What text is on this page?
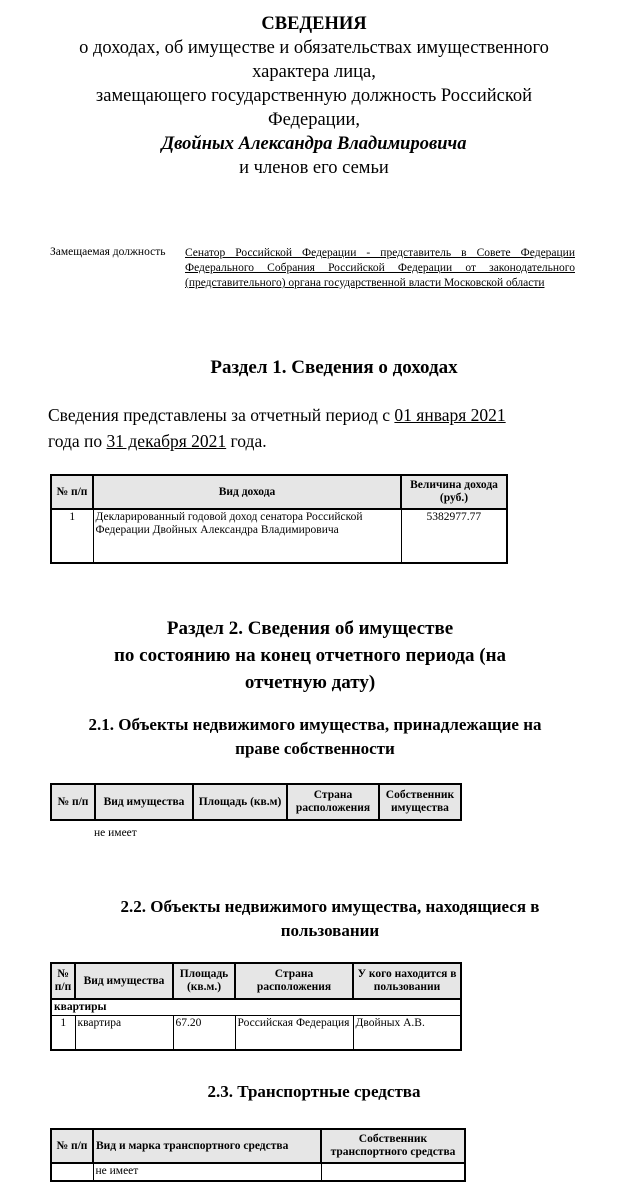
СВЕДЕНИЯ
о доходах, об имуществе и обязательствах имущественного
характера лица,
замещающего государственную должность Российской
Федерации,
Двойных Александра Владимировича
и членов его семьи
Замещаемая должность Сенатор Российской Федерации - представитель в Совете Федерации Федерального Собрания Российской Федерации от законодательного (представительного) органа государственной власти Московской области
Раздел 1. Сведения о доходах
Сведения представлены за отчетный период с 01 января 2021
года по 31 декабря 2021 года.
№ п/п	Вид дохода	Величина дохода (руб.)
1	Декларированный годовой доход сенатора Российской Федерации Двойных Александра Владимировича	5382977.77
Раздел 2. Сведения об имуществе
по состоянию на конец отчетного периода (на
отчетную дату)
2.1. Объекты недвижимого имущества, принадлежащие на
праве собственности
№ п/п	Вид имущества	Площадь (кв.м)	Страна расположения	Собственник имущества
не имеет
2.2. Объекты недвижимого имущества, находящиеся в
пользовании
№ п/п	Вид имущества	Площадь (кв.м.)	Страна расположения	У кого находится в пользовании
квартиры				
1	квартира	67.20	Российская Федерация	Двойных А.В.
2.3. Транспортные средства
№ п/п	Вид и марка транспортного средства	Собственник транспортного средства
	не имеет	
